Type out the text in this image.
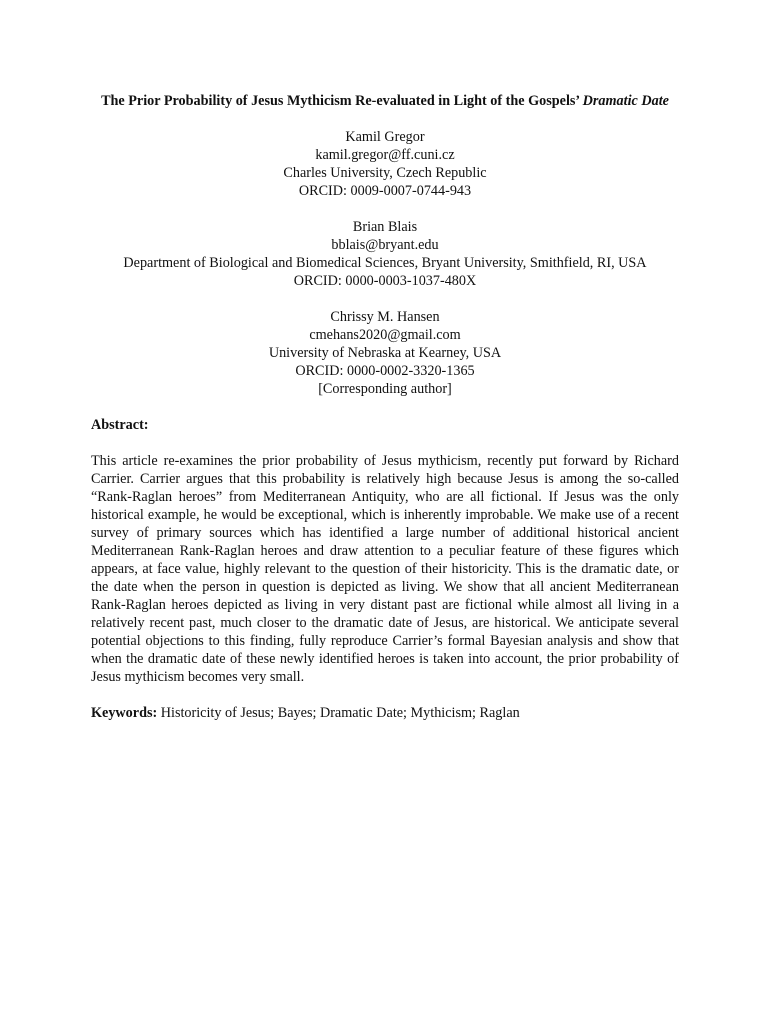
The Prior Probability of Jesus Mythicism Re-evaluated in Light of the Gospels’ Dramatic Date
Kamil Gregor
kamil.gregor@ff.cuni.cz
Charles University, Czech Republic
ORCID: 0009-0007-0744-943
Brian Blais
bblais@bryant.edu
Department of Biological and Biomedical Sciences, Bryant University, Smithfield, RI, USA
ORCID: 0000-0003-1037-480X
Chrissy M. Hansen
cmehans2020@gmail.com
University of Nebraska at Kearney, USA
ORCID: 0000-0002-3320-1365
[Corresponding author]
Abstract:
This article re-examines the prior probability of Jesus mythicism, recently put forward by Richard Carrier. Carrier argues that this probability is relatively high because Jesus is among the so-called “Rank-Raglan heroes” from Mediterranean Antiquity, who are all fictional. If Jesus was the only historical example, he would be exceptional, which is inherently improbable. We make use of a recent survey of primary sources which has identified a large number of additional historical ancient Mediterranean Rank-Raglan heroes and draw attention to a peculiar feature of these figures which appears, at face value, highly relevant to the question of their historicity. This is the dramatic date, or the date when the person in question is depicted as living. We show that all ancient Mediterranean Rank-Raglan heroes depicted as living in very distant past are fictional while almost all living in a relatively recent past, much closer to the dramatic date of Jesus, are historical. We anticipate several potential objections to this finding, fully reproduce Carrier’s formal Bayesian analysis and show that when the dramatic date of these newly identified heroes is taken into account, the prior probability of Jesus mythicism becomes very small.
Keywords: Historicity of Jesus; Bayes; Dramatic Date; Mythicism; Raglan
